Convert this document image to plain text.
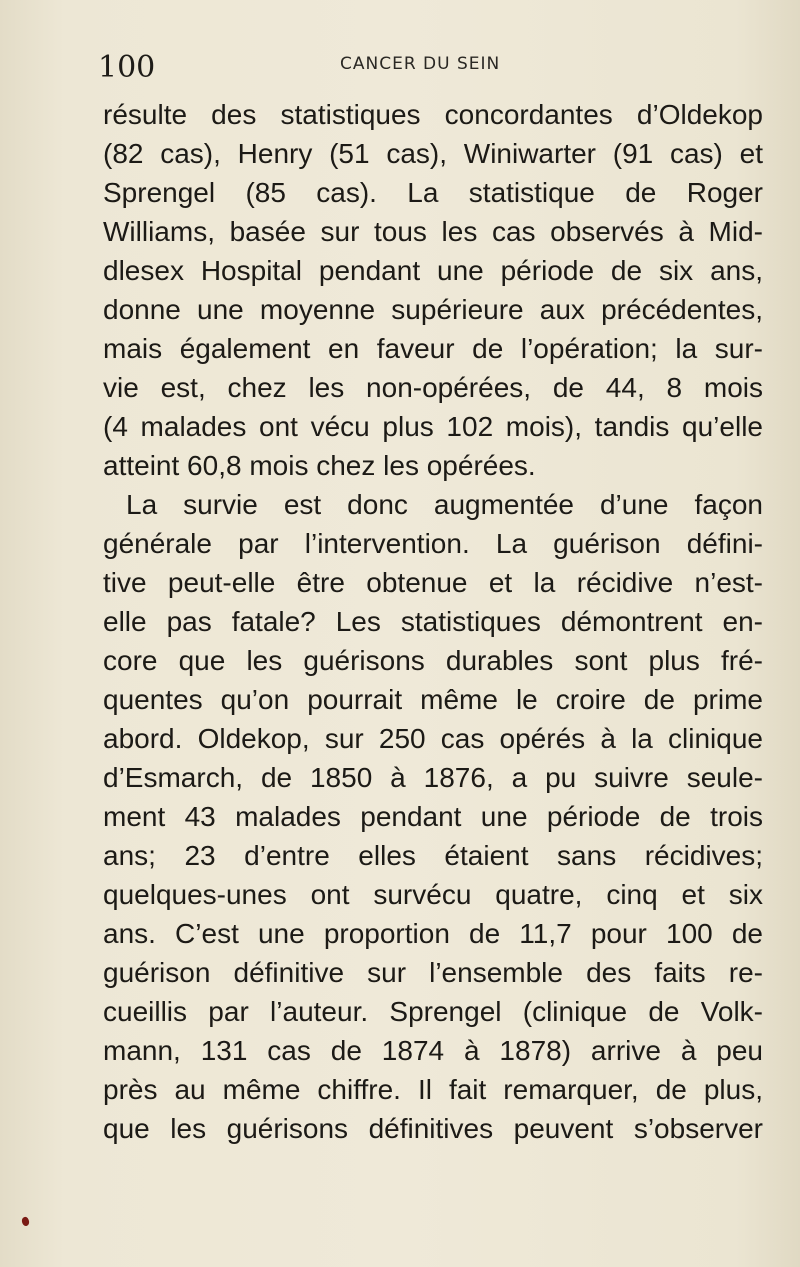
100	CANCER DU SEIN
résulte des statistiques concordantes d’Oldekop
(82 cas), Henry (51 cas), Winiwarter (91 cas) et
Sprengel (85 cas). La statistique de Roger
Williams, basée sur tous les cas observés à Mid-
dlesex Hospital pendant une période de six ans,
donne une moyenne supérieure aux précédentes,
mais également en faveur de l’opération; la sur-
vie est, chez les non-opérées, de 44, 8 mois
(4 malades ont vécu plus 102 mois), tandis qu’elle
atteint 60,8 mois chez les opérées.
La survie est donc augmentée d’une façon
générale par l’intervention. La guérison défini-
tive peut-elle être obtenue et la récidive n’est-
elle pas fatale? Les statistiques démontrent en-
core que les guérisons durables sont plus fré-
quentes qu’on pourrait même le croire de prime
abord. Oldekop, sur 250 cas opérés à la clinique
d’Esmarch, de 1850 à 1876, a pu suivre seule-
ment 43 malades pendant une période de trois
ans; 23 d’entre elles étaient sans récidives;
quelques-unes ont survécu quatre, cinq et six
ans. C’est une proportion de 11,7 pour 100 de
guérison définitive sur l’ensemble des faits re-
cueillis par l’auteur. Sprengel (clinique de Volk-
mann, 131 cas de 1874 à 1878) arrive à peu
près au même chiffre. Il fait remarquer, de plus,
que les guérisons définitives peuvent s’observer
